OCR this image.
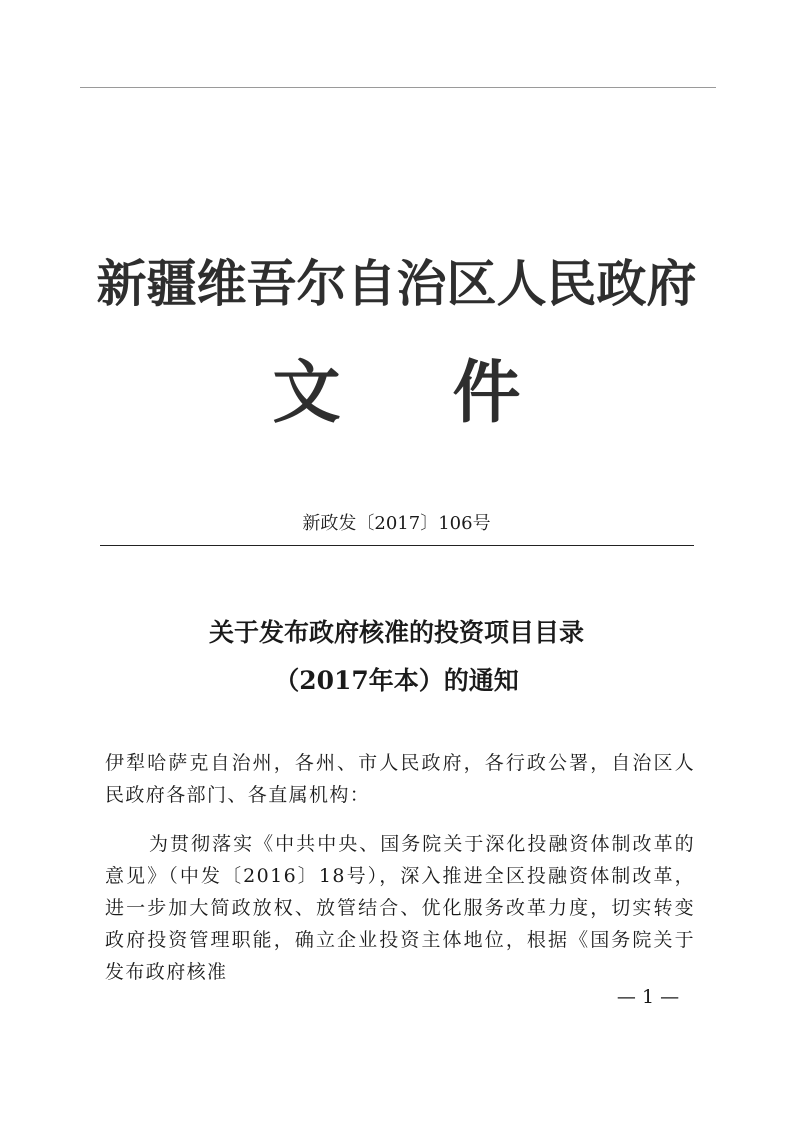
新疆维吾尔自治区人民政府
文件
新政发〔2017〕106号
关于发布政府核准的投资项目目录
（2017年本）的通知
伊犁哈萨克自治州，各州、市人民政府，各行政公署，自治区人民政府各部门、各直属机构：
为贯彻落实《中共中央、国务院关于深化投融资体制改革的意见》（中发〔2016〕18号），深入推进全区投融资体制改革，进一步加大简政放权、放管结合、优化服务改革力度，切实转变政府投资管理职能，确立企业投资主体地位，根据《国务院关于发布政府核准
— 1 —
